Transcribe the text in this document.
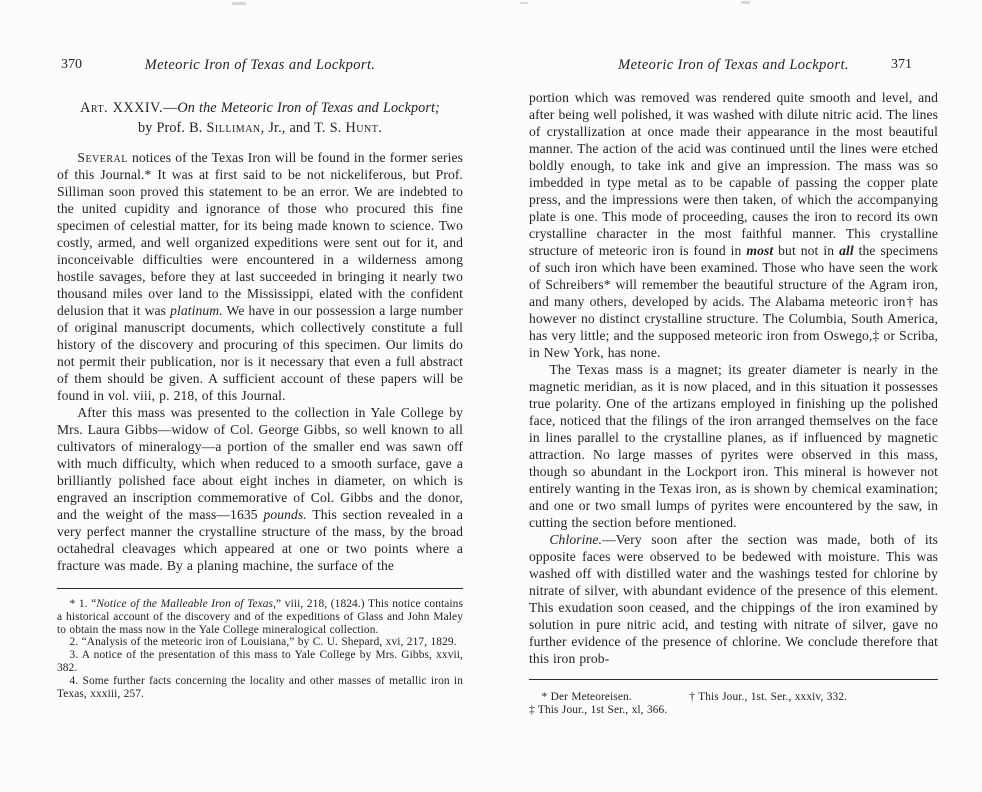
370	Meteoric Iron of Texas and Lockport.

Art. XXXIV.—On the Meteoric Iron of Texas and Lockport;

by Prof. B. Silliman, Jr., and T. S. Hunt.

Several notices of the Texas Iron will be found in the former series of this Journal.* It was at first said to be not nickeliferous, but Prof. Silliman soon proved this statement to be an error. We are indebted to the united cupidity and ignorance of those who procured this fine specimen of celestial matter, for its being made known to science. Two costly, armed, and well organized expeditions were sent out for it, and inconceivable difficulties were encountered in a wilderness among hostile savages, before they at last succeeded in bringing it nearly two thousand miles over land to the Mississippi, elated with the confident delusion that it was platinum. We have in our possession a large number of original manuscript documents, which collectively constitute a full history of the discovery and procuring of this specimen. Our limits do not permit their publication, nor is it necessary that even a full abstract of them should be given. A sufficient account of these papers will be found in vol. viii, p. 218, of this Journal.

After this mass was presented to the collection in Yale College by Mrs. Laura Gibbs—widow of Col. George Gibbs, so well known to all cultivators of mineralogy—a portion of the smaller end was sawn off with much difficulty, which when reduced to a smooth surface, gave a brilliantly polished face about eight inches in diameter, on which is engraved an inscription commemorative of Col. Gibbs and the donor, and the weight of the mass—1635 pounds. This section revealed in a very perfect manner the crystalline structure of the mass, by the broad octahedral cleavages which appeared at one or two points where a fracture was made. By a planing machine, the surface of the

* 1. “Notice of the Malleable Iron of Texas,” viii, 218, (1824.) This notice contains a historical account of the discovery and of the expeditions of Glass and John Maley to obtain the mass now in the Yale College mineralogical collection.

2. “Analysis of the meteoric iron of Louisiana,” by C. U. Shepard, xvi, 217, 1829.

3. A notice of the presentation of this mass to Yale College by Mrs. Gibbs, xxvii, 382.

4. Some further facts concerning the locality and other masses of metallic iron in Texas, xxxiii, 257.

Meteoric Iron of Texas and Lockport.	371

portion which was removed was rendered quite smooth and level, and after being well polished, it was washed with dilute nitric acid. The lines of crystallization at once made their appearance in the most beautiful manner. The action of the acid was continued until the lines were etched boldly enough, to take ink and give an impression. The mass was so imbedded in type metal as to be capable of passing the copper plate press, and the impressions were then taken, of which the accompanying plate is one. This mode of proceeding, causes the iron to record its own crystalline character in the most faithful manner. This crystalline structure of meteoric iron is found in most but not in all the specimens of such iron which have been examined. Those who have seen the work of Schreibers* will remember the beautiful structure of the Agram iron, and many others, developed by acids. The Alabama meteoric iron† has however no distinct crystalline structure. The Columbia, South America, has very little; and the supposed meteoric iron from Oswego,‡ or Scriba, in New York, has none.

The Texas mass is a magnet; its greater diameter is nearly in the magnetic meridian, as it is now placed, and in this situation it possesses true polarity. One of the artizans employed in finishing up the polished face, noticed that the filings of the iron arranged themselves on the face in lines parallel to the crystalline planes, as if influenced by magnetic attraction. No large masses of pyrites were observed in this mass, though so abundant in the Lockport iron. This mineral is however not entirely wanting in the Texas iron, as is shown by chemical examination; and one or two small lumps of pyrites were encountered by the saw, in cutting the section before mentioned.

Chlorine.—Very soon after the section was made, both of its opposite faces were observed to be bedewed with moisture. This was washed off with distilled water and the washings tested for chlorine by nitrate of silver, with abundant evidence of the presence of this element. This exudation soon ceased, and the chippings of the iron examined by solution in pure nitric acid, and testing with nitrate of silver, gave no further evidence of the presence of chlorine. We conclude therefore that this iron prob-

* Der Meteoreisen.     † This Jour., 1st. Ser., xxxiv, 332.

‡ This Jour., 1st Ser., xl, 366.
